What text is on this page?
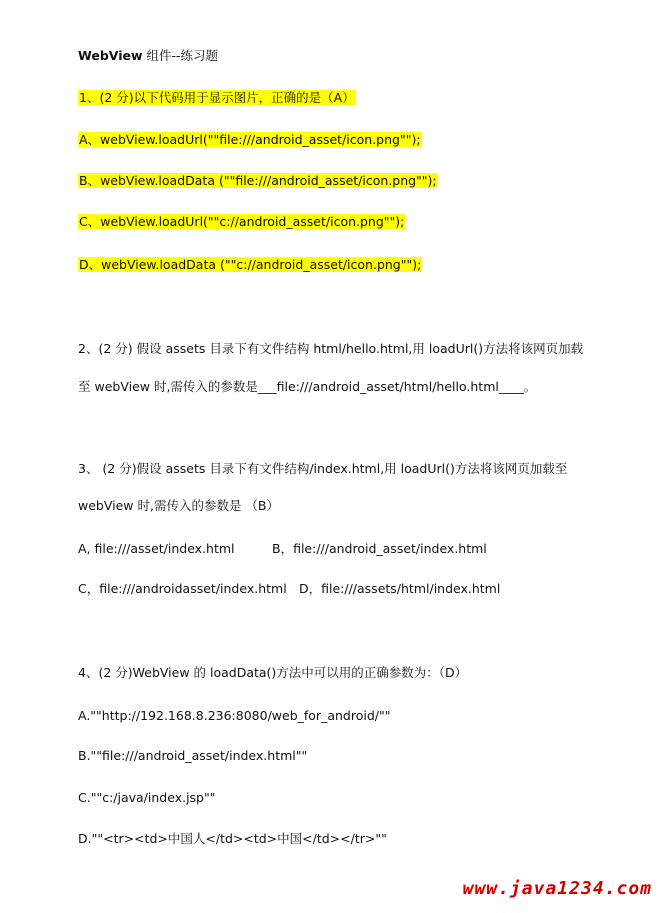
WebView 组件--练习题
1、(2 分)以下代码用于显示图片，正确的是（A）
A、webView.loadUrl(""file:///android_asset/icon.png"");
B、webView.loadData (""file:///android_asset/icon.png"");
C、webView.loadUrl(""c://android_asset/icon.png"");
D、webView.loadData (""c://android_asset/icon.png"");
2、(2 分) 假设 assets 目录下有文件结构 html/hello.html,用 loadUrl()方法将该网页加载
至 webView 时,需传入的参数是___file:///android_asset/html/hello.html____。
3、 (2 分)假设 assets 目录下有文件结构/index.html,用 loadUrl()方法将该网页加载至
webView 时,需传入的参数是 （B）
A, file:///asset/index.html	B，file:///android_asset/index.html
C，file:///androidasset/index.html D，file:///assets/html/index.html
4、(2 分)WebView 的 loadData()方法中可以用的正确参数为：（D）
A.""http://192.168.8.236:8080/web_for_android/""
B.""file:///android_asset/index.html""
C.""c:/java/index.jsp""
D.""<tr><td>中国人</td><td>中国</td></tr>""
www.java1234.com
